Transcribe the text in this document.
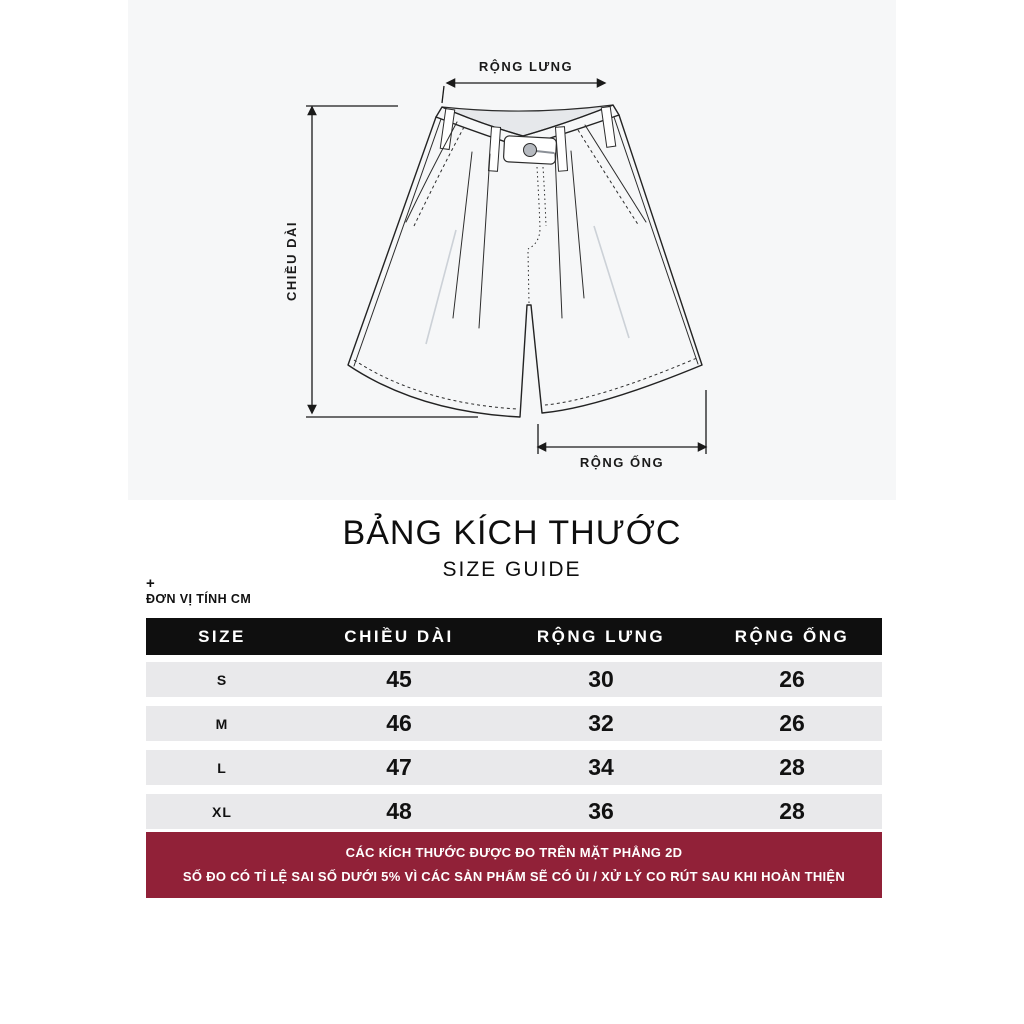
RỘNG LƯNG
CHIỀU DÀI
RỘNG ỐNG
BẢNG KÍCH THƯỚC
SIZE GUIDE
+
ĐƠN VỊ TÍNH CM
SIZE	CHIỀU DÀI	RỘNG LƯNG	RỘNG ỐNG
S	45	30	26
M	46	32	26
L	47	34	28
XL	48	36	28
CÁC KÍCH THƯỚC ĐƯỢC ĐO TRÊN MẶT PHẲNG 2D
SỐ ĐO CÓ TỈ LỆ SAI SỐ DƯỚI 5% VÌ CÁC SẢN PHẨM SẼ CÓ ỦI / XỬ LÝ CO RÚT SAU KHI HOÀN THIỆN
